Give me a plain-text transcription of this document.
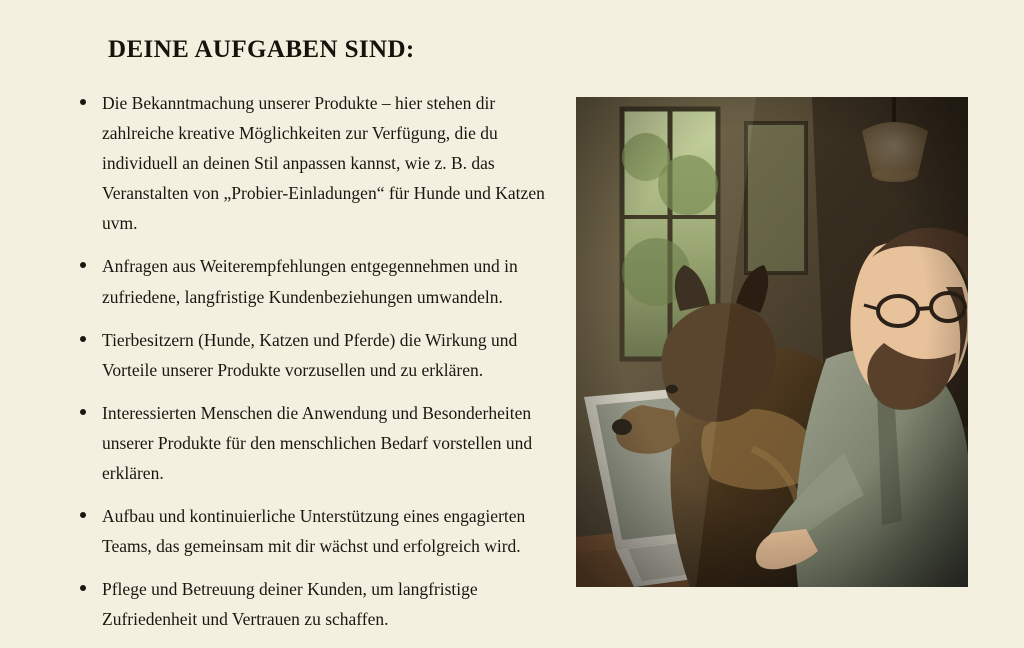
DEINE AUFGABEN SIND:
Die Bekanntmachung unserer Produkte – hier stehen dir zahlreiche kreative Möglichkeiten zur Verfügung, die du individuell an deinen Stil anpassen kannst, wie z. B. das Veranstalten von „Probier-Einladungen“ für Hunde und Katzen uvm.
Anfragen aus Weiterempfehlungen entgegennehmen und in zufriedene, langfristige Kundenbeziehungen umwandeln.
Tierbesitzern (Hunde, Katzen und Pferde) die Wirkung und Vorteile unserer Produkte vorzusellen und zu erklären.
Interessierten Menschen die Anwendung und Besonderheiten unserer Produkte für den menschlichen Bedarf vorstellen und erklären.
Aufbau und kontinuierliche Unterstützung eines engagierten Teams, das gemeinsam mit dir wächst und erfolgreich wird.
Pflege und Betreuung deiner Kunden, um langfristige Zufriedenheit und Vertrauen zu schaffen.
